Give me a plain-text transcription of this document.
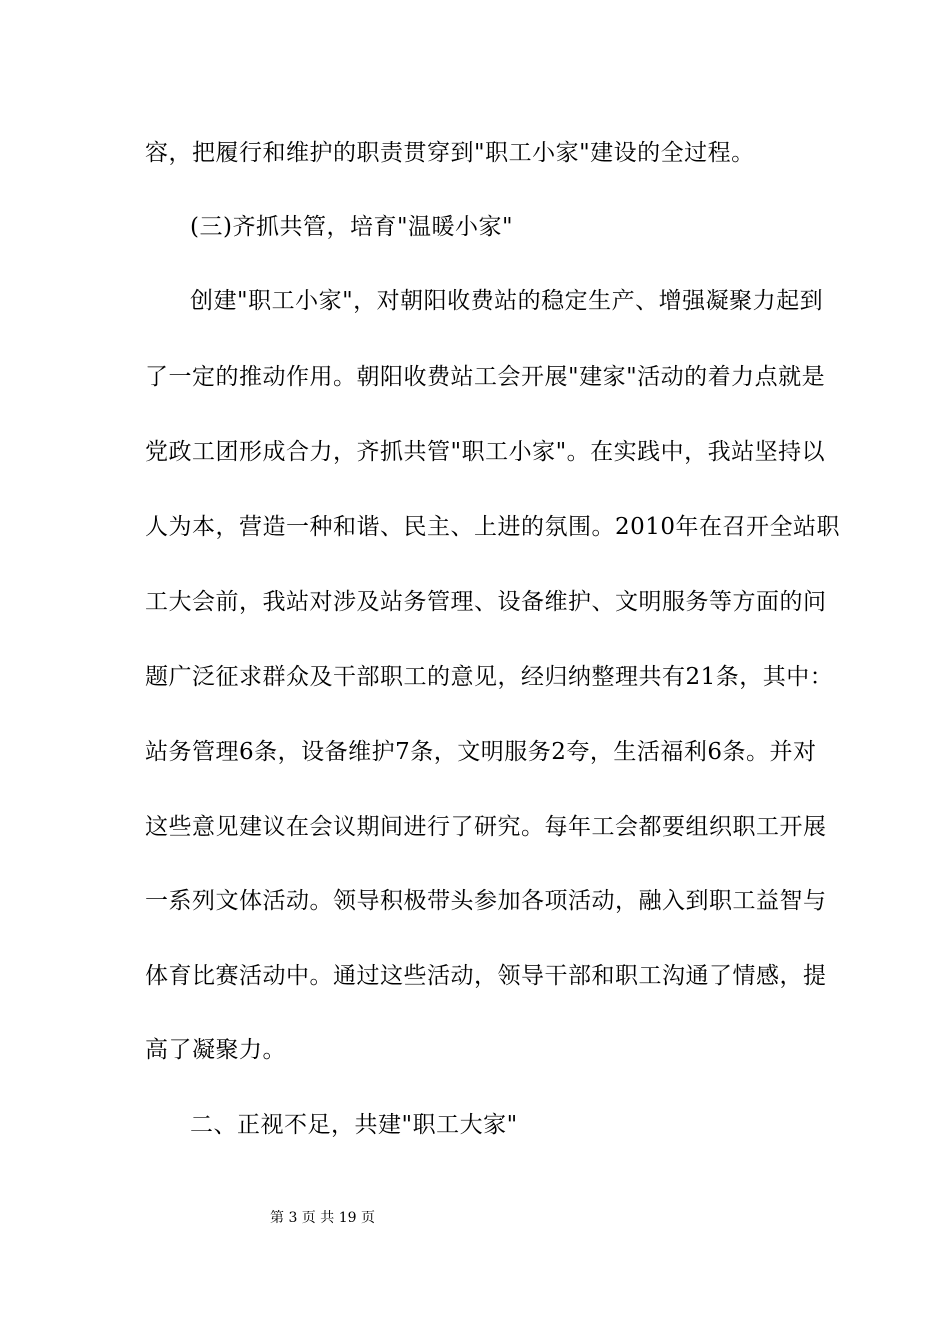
容，把履行和维护的职责贯穿到"职工小家"建设的全过程。
(三)齐抓共管，培育"温暖小家"
创建"职工小家"，对朝阳收费站的稳定生产、增强凝聚力起到
了一定的推动作用。朝阳收费站工会开展"建家"活动的着力点就是
党政工团形成合力，齐抓共管"职工小家"。在实践中，我站坚持以
人为本，营造一种和谐、民主、上进的氛围。2010年在召开全站职
工大会前，我站对涉及站务管理、设备维护、文明服务等方面的问
题广泛征求群众及干部职工的意见，经归纳整理共有21条，其中：
站务管理6条，设备维护7条，文明服务2夸，生活福利6条。并对
这些意见建议在会议期间进行了研究。每年工会都要组织职工开展
一系列文体活动。领导积极带头参加各项活动，融入到职工益智与
体育比赛活动中。通过这些活动，领导干部和职工沟通了情感，提
高了凝聚力。
二、正视不足，共建"职工大家"
第 3 页 共 19 页
